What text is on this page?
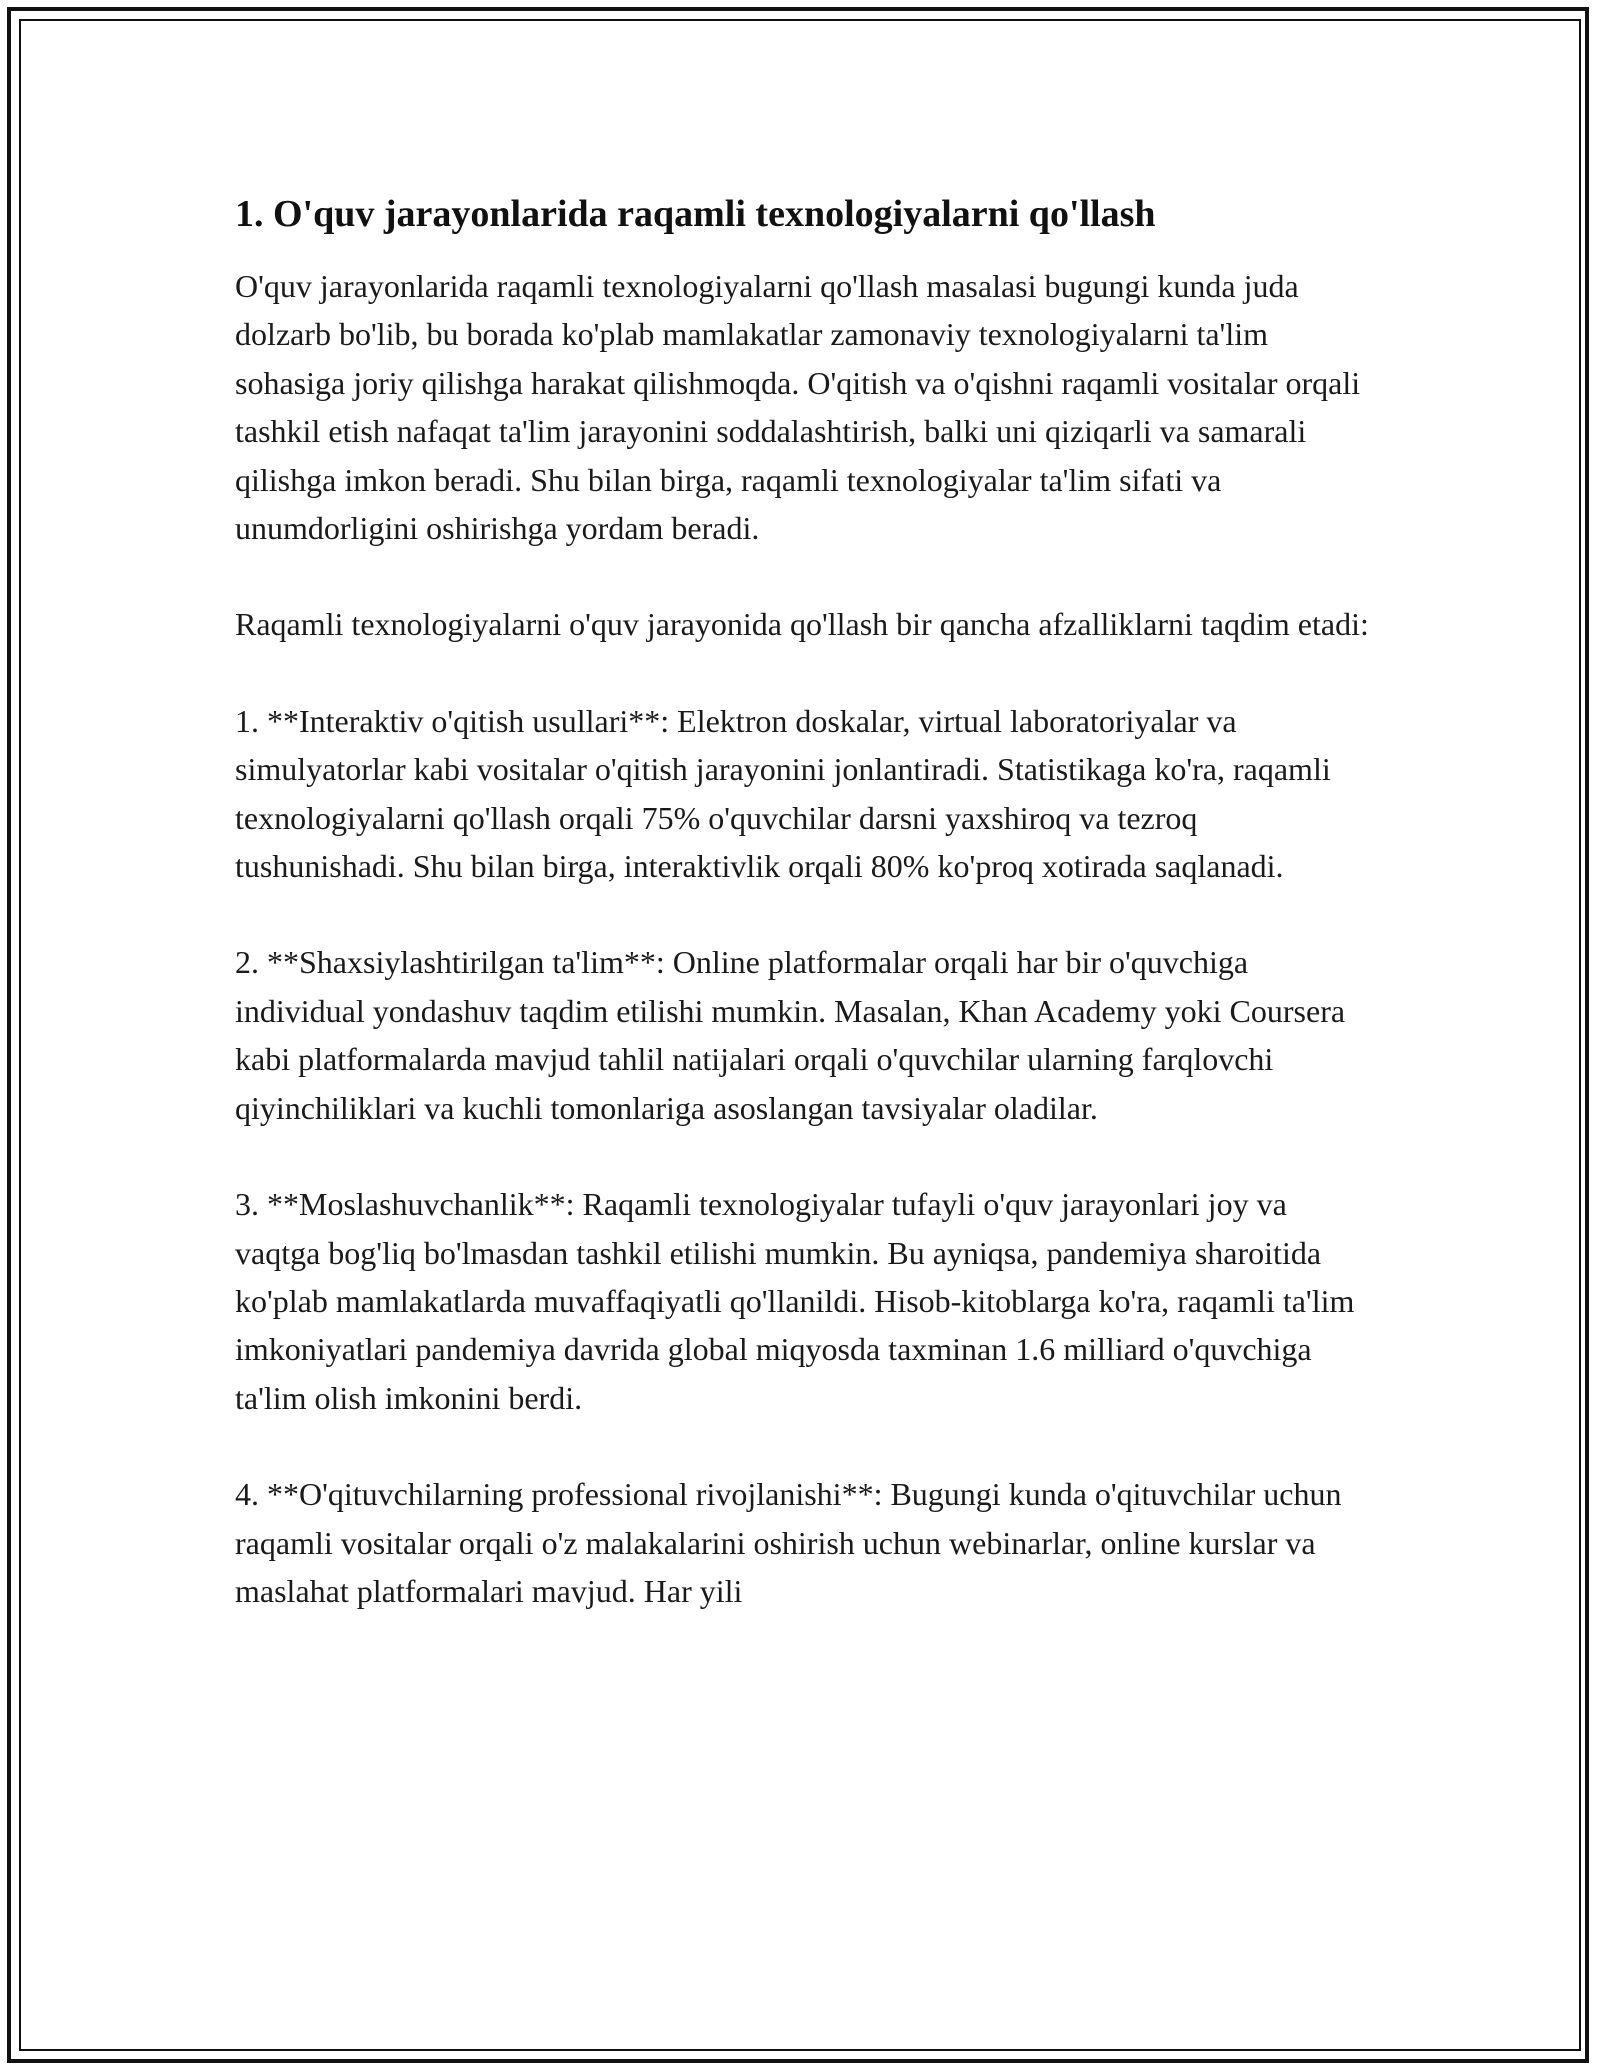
1. O'quv jarayonlarida raqamli texnologiyalarni qo'llash

O'quv jarayonlarida raqamli texnologiyalarni qo'llash masalasi bugungi kunda juda dolzarb bo'lib, bu borada ko'plab mamlakatlar zamonaviy texnologiyalarni ta'lim sohasiga joriy qilishga harakat qilishmoqda. O'qitish va o'qishni raqamli vositalar orqali tashkil etish nafaqat ta'lim jarayonini soddalashtirish, balki uni qiziqarli va samarali qilishga imkon beradi. Shu bilan birga, raqamli texnologiyalar ta'lim sifati va unumdorligini oshirishga yordam beradi.

Raqamli texnologiyalarni o'quv jarayonida qo'llash bir qancha afzalliklarni taqdim etadi:

1. **Interaktiv o'qitish usullari**: Elektron doskalar, virtual laboratoriyalar va simulyatorlar kabi vositalar o'qitish jarayonini jonlantiradi. Statistikaga ko'ra, raqamli texnologiyalarni qo'llash orqali 75% o'quvchilar darsni yaxshiroq va tezroq tushunishadi. Shu bilan birga, interaktivlik orqali 80% ko'proq xotirada saqlanadi.

2. **Shaxsiylashtirilgan ta'lim**: Online platformalar orqali har bir o'quvchiga individual yondashuv taqdim etilishi mumkin. Masalan, Khan Academy yoki Coursera kabi platformalarda mavjud tahlil natijalari orqali o'quvchilar ularning farqlovchi qiyinchiliklari va kuchli tomonlariga asoslangan tavsiyalar oladilar.

3. **Moslashuvchanlik**: Raqamli texnologiyalar tufayli o'quv jarayonlari joy va vaqtga bog'liq bo'lmasdan tashkil etilishi mumkin. Bu ayniqsa, pandemiya sharoitida ko'plab mamlakatlarda muvaffaqiyatli qo'llanildi. Hisob-kitoblarga ko'ra, raqamli ta'lim imkoniyatlari pandemiya davrida global miqyosda taxminan 1.6 milliard o'quvchiga ta'lim olish imkonini berdi.

4. **O'qituvchilarning professional rivojlanishi**: Bugungi kunda o'qituvchilar uchun raqamli vositalar orqali o'z malakalarini oshirish uchun webinarlar, online kurslar va maslahat platformalari mavjud. Har yili
